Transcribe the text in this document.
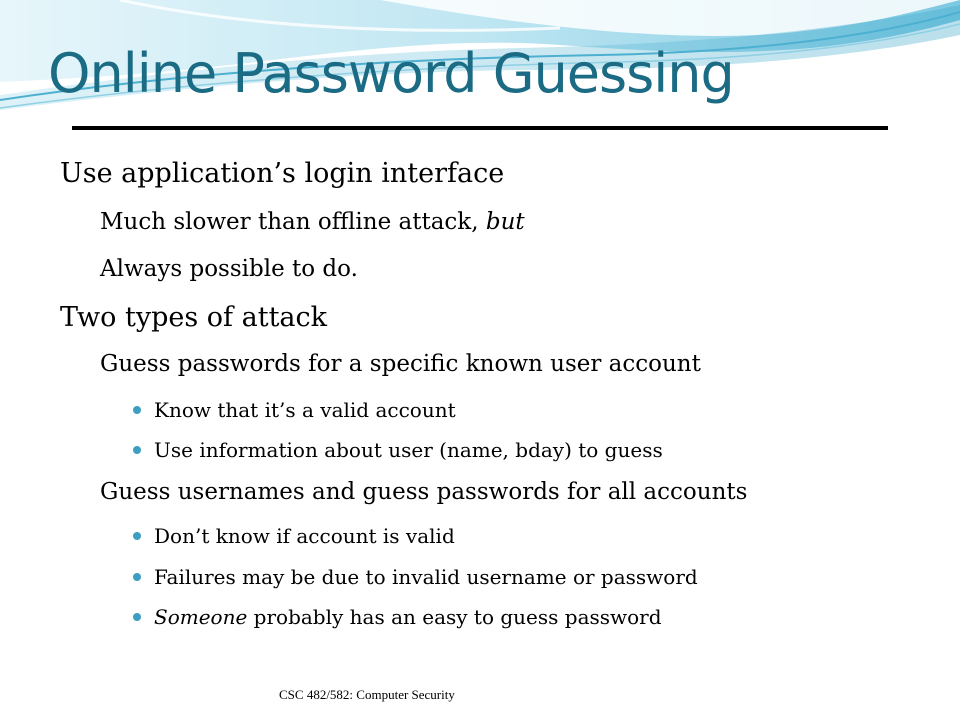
Online Password Guessing
Use application’s login interface
Much slower than offline attack, but
Always possible to do.
Two types of attack
Guess passwords for a specific known user account
Know that it’s a valid account
Use information about user (name, bday) to guess
Guess usernames and guess passwords for all accounts
Don’t know if account is valid
Failures may be due to invalid username or password
Someone probably has an easy to guess password
CSC 482/582: Computer Security
